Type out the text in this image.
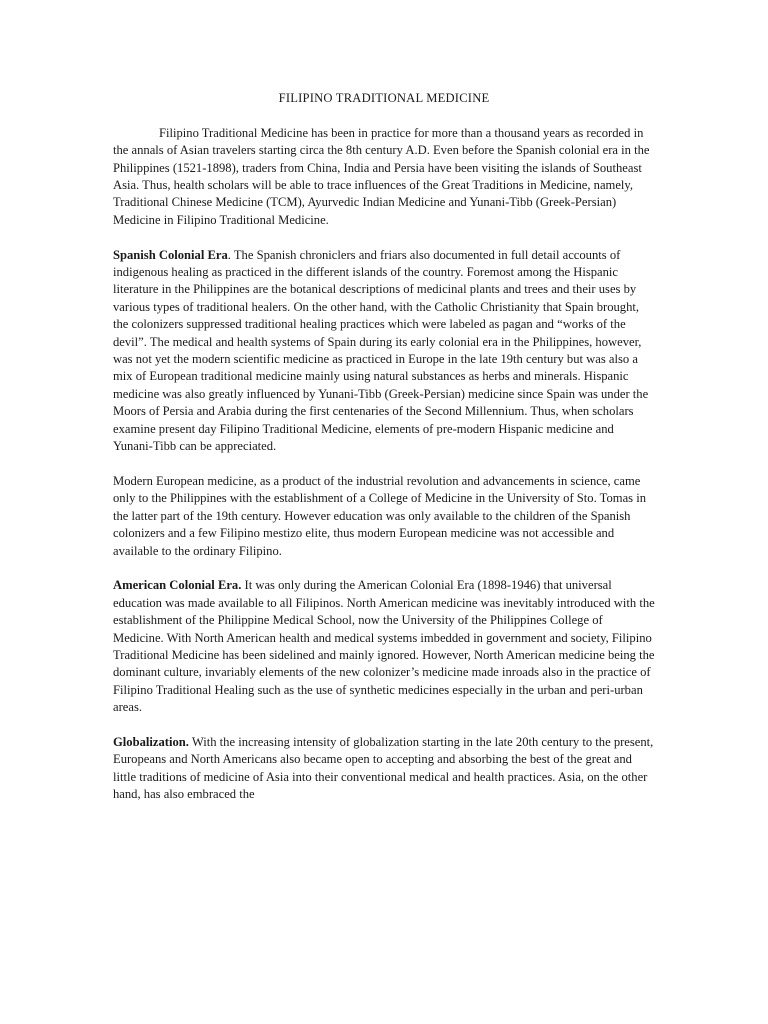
FILIPINO TRADITIONAL MEDICINE

Filipino Traditional Medicine has been in practice for more than a thousand years as recorded in the annals of Asian travelers starting circa the 8th century A.D. Even before the Spanish colonial era in the Philippines (1521-1898), traders from China, India and Persia have been visiting the islands of Southeast Asia. Thus, health scholars will be able to trace influences of the Great Traditions in Medicine, namely, Traditional Chinese Medicine (TCM), Ayurvedic Indian Medicine and Yunani-Tibb (Greek-Persian) Medicine in Filipino Traditional Medicine.

Spanish Colonial Era. The Spanish chroniclers and friars also documented in full detail accounts of indigenous healing as practiced in the different islands of the country. Foremost among the Hispanic literature in the Philippines are the botanical descriptions of medicinal plants and trees and their uses by various types of traditional healers. On the other hand, with the Catholic Christianity that Spain brought, the colonizers suppressed traditional healing practices which were labeled as pagan and “works of the devil”. The medical and health systems of Spain during its early colonial era in the Philippines, however, was not yet the modern scientific medicine as practiced in Europe in the late 19th century but was also a mix of European traditional medicine mainly using natural substances as herbs and minerals. Hispanic medicine was also greatly influenced by Yunani-Tibb (Greek-Persian) medicine since Spain was under the Moors of Persia and Arabia during the first centenaries of the Second Millennium. Thus, when scholars examine present day Filipino Traditional Medicine, elements of pre-modern Hispanic medicine and Yunani-Tibb can be appreciated.

Modern European medicine, as a product of the industrial revolution and advancements in science, came only to the Philippines with the establishment of a College of Medicine in the University of Sto. Tomas in the latter part of the 19th century. However education was only available to the children of the Spanish colonizers and a few Filipino mestizo elite, thus modern European medicine was not accessible and available to the ordinary Filipino.

American Colonial Era. It was only during the American Colonial Era (1898-1946) that universal education was made available to all Filipinos. North American medicine was inevitably introduced with the establishment of the Philippine Medical School, now the University of the Philippines College of Medicine. With North American health and medical systems imbedded in government and society, Filipino Traditional Medicine has been sidelined and mainly ignored. However, North American medicine being the dominant culture, invariably elements of the new colonizer’s medicine made inroads also in the practice of Filipino Traditional Healing such as the use of synthetic medicines especially in the urban and peri-urban areas.

Globalization. With the increasing intensity of globalization starting in the late 20th century to the present, Europeans and North Americans also became open to accepting and absorbing the best of the great and little traditions of medicine of Asia into their conventional medical and health practices. Asia, on the other hand, has also embraced the
